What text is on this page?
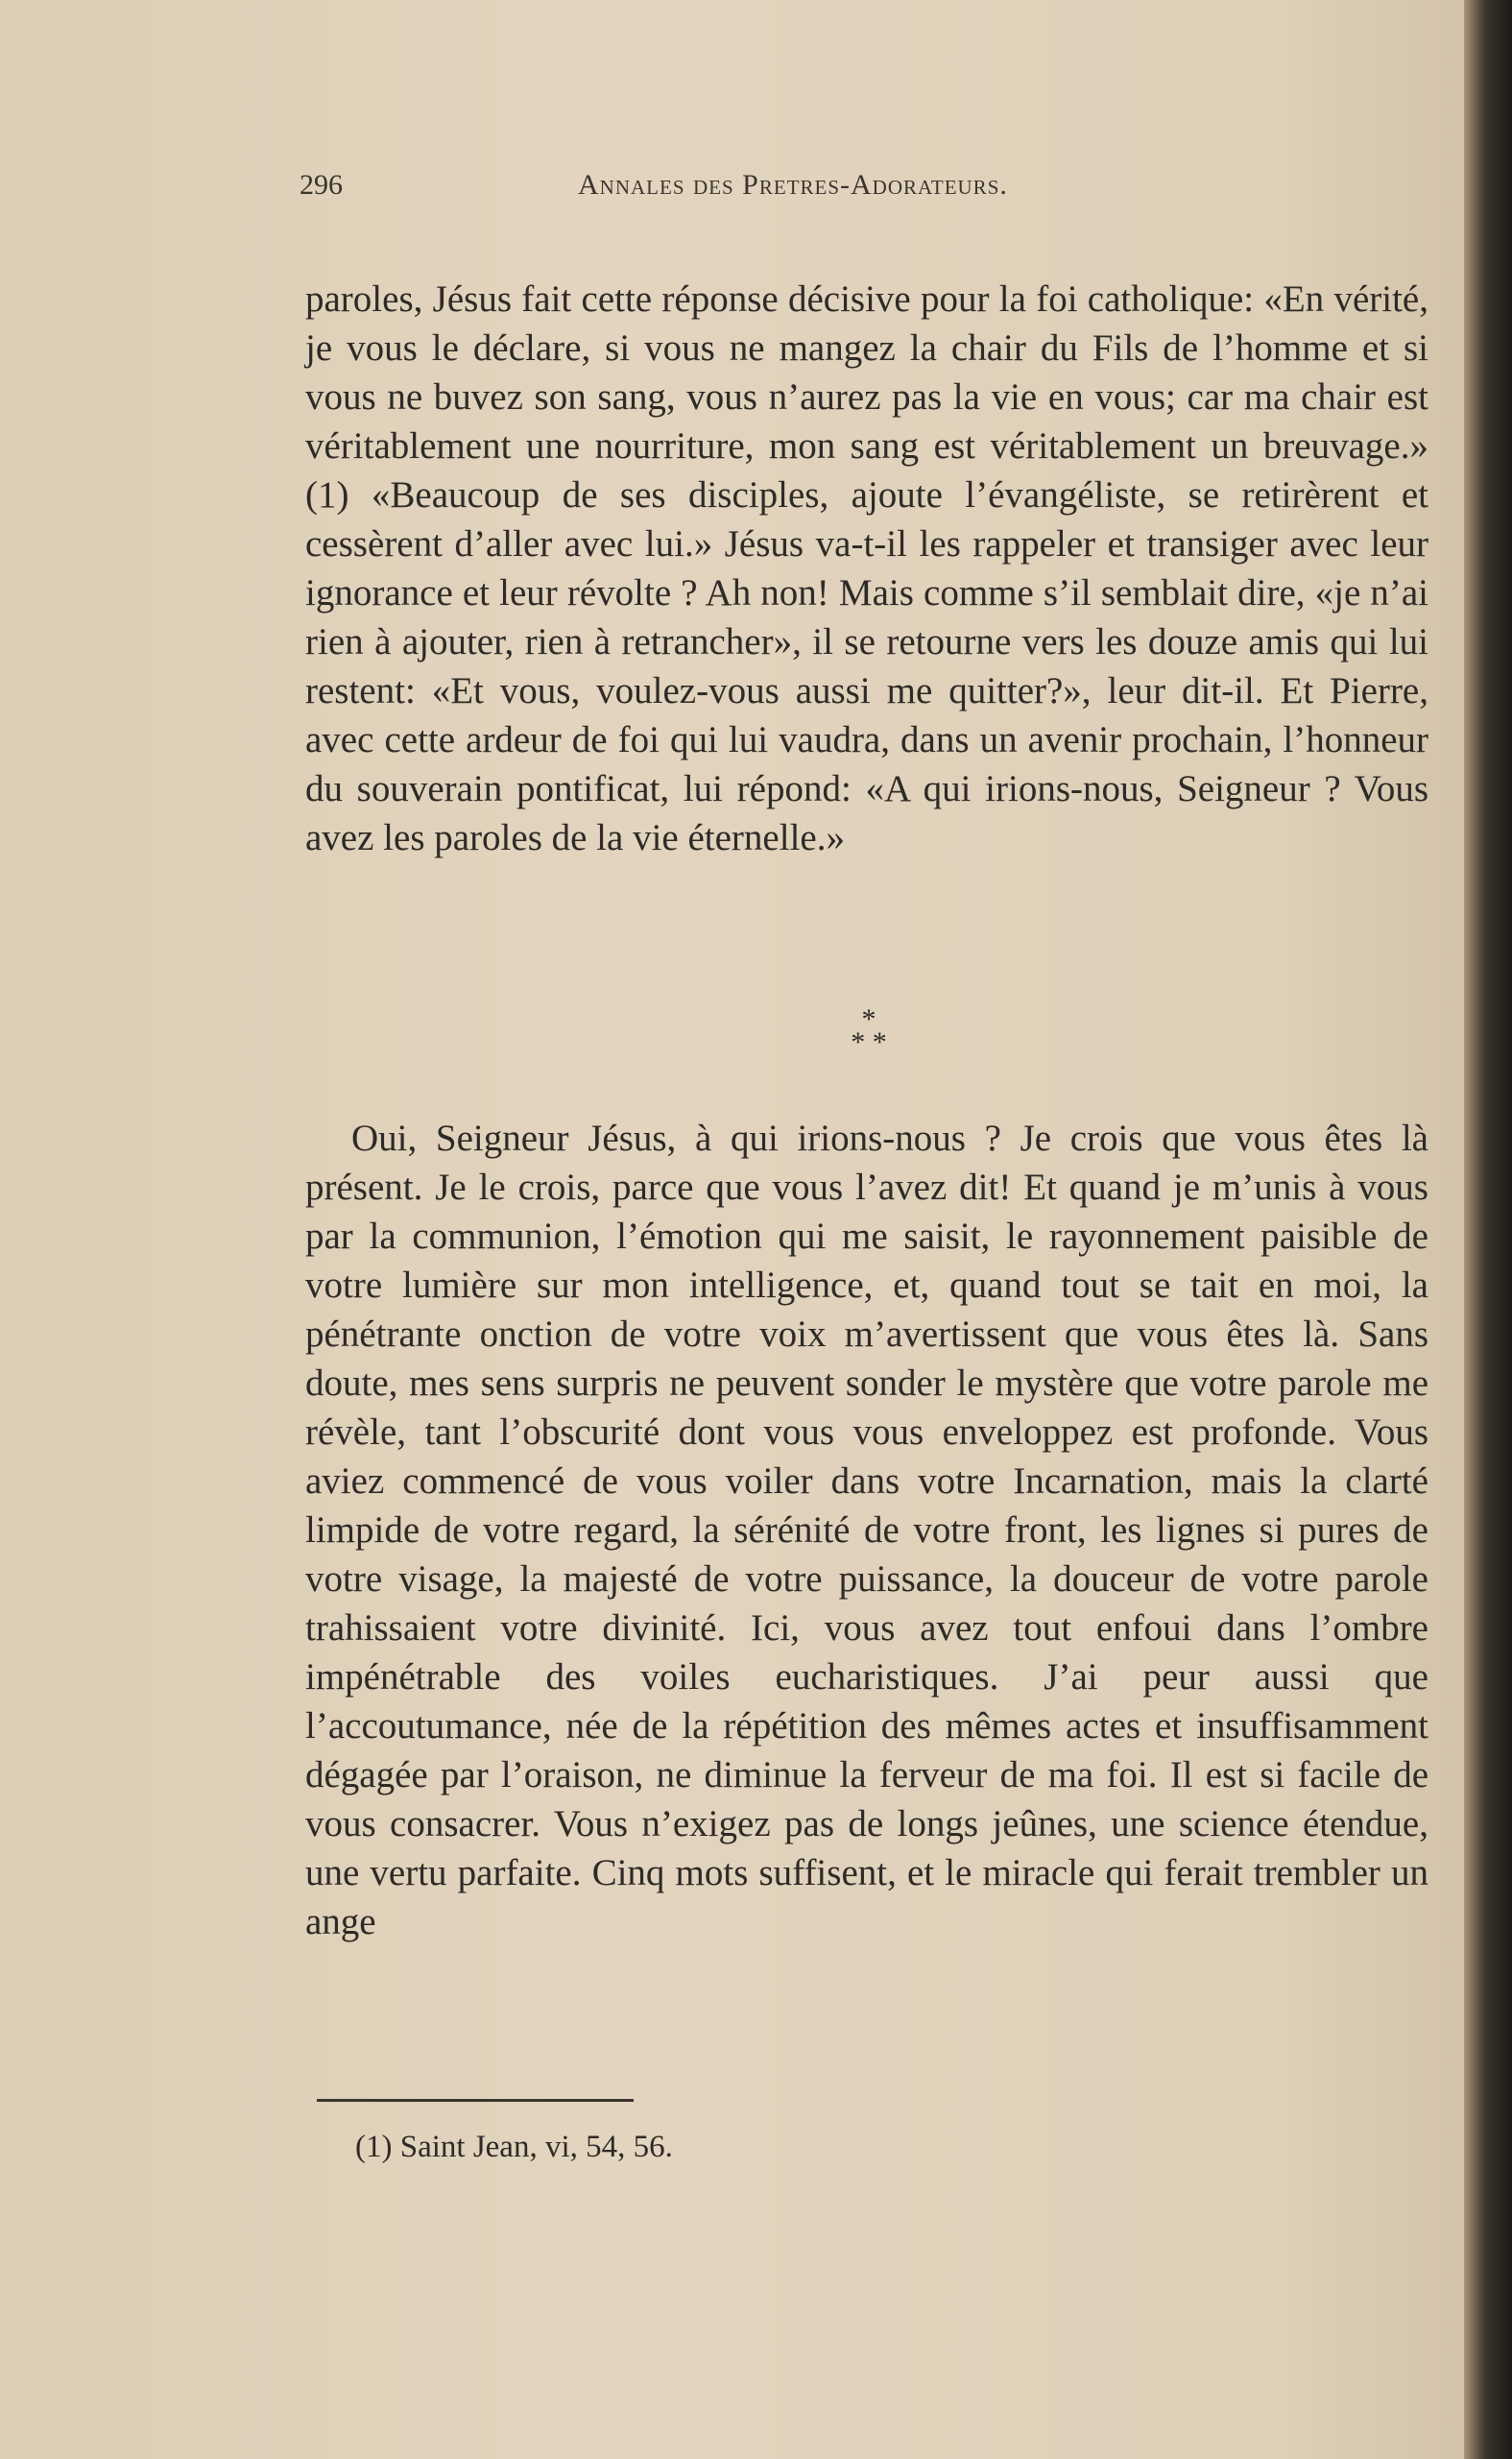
296	Annales des Pretres-Adorateurs.

paroles, Jésus fait cette réponse décisive pour la foi catholique: «En vérité, je vous le déclare, si vous ne mangez la chair du Fils de l’homme et si vous ne buvez son sang, vous n’aurez pas la vie en vous; car ma chair est véritablement une nourriture, mon sang est véritablement un breuvage.» (1) «Beaucoup de ses disciples, ajoute l’évangéliste, se retirèrent et cessèrent d’aller avec lui.» Jésus va-t-il les rappeler et transiger avec leur ignorance et leur révolte ? Ah non! Mais comme s’il semblait dire, «je n’ai rien à ajouter, rien à retrancher», il se retourne vers les douze amis qui lui restent: «Et vous, voulez-vous aussi me quitter?», leur dit-il. Et Pierre, avec cette ardeur de foi qui lui vaudra, dans un avenir prochain, l’honneur du souverain pontificat, lui répond: «A qui irions-nous, Seigneur ? Vous avez les paroles de la vie éternelle.»

*
* *

Oui, Seigneur Jésus, à qui irions-nous ? Je crois que vous êtes là présent. Je le crois, parce que vous l’avez dit! Et quand je m’unis à vous par la communion, l’émotion qui me saisit, le rayonnement paisible de votre lumière sur mon intelligence, et, quand tout se tait en moi, la pénétrante onction de votre voix m’avertissent que vous êtes là. Sans doute, mes sens surpris ne peuvent sonder le mystère que votre parole me révèle, tant l’obscurité dont vous vous enveloppez est profonde. Vous aviez commencé de vous voiler dans votre Incarnation, mais la clarté limpide de votre regard, la sérénité de votre front, les lignes si pures de votre visage, la majesté de votre puissance, la douceur de votre parole trahissaient votre divinité. Ici, vous avez tout enfoui dans l’ombre impénétrable des voiles eucharistiques. J’ai peur aussi que l’accoutumance, née de la répétition des mêmes actes et insuffisamment dégagée par l’oraison, ne diminue la ferveur de ma foi. Il est si facile de vous consacrer. Vous n’exigez pas de longs jeûnes, une science étendue, une vertu parfaite. Cinq mots suffisent, et le miracle qui ferait trembler un ange

(1) Saint Jean, vi, 54, 56.
